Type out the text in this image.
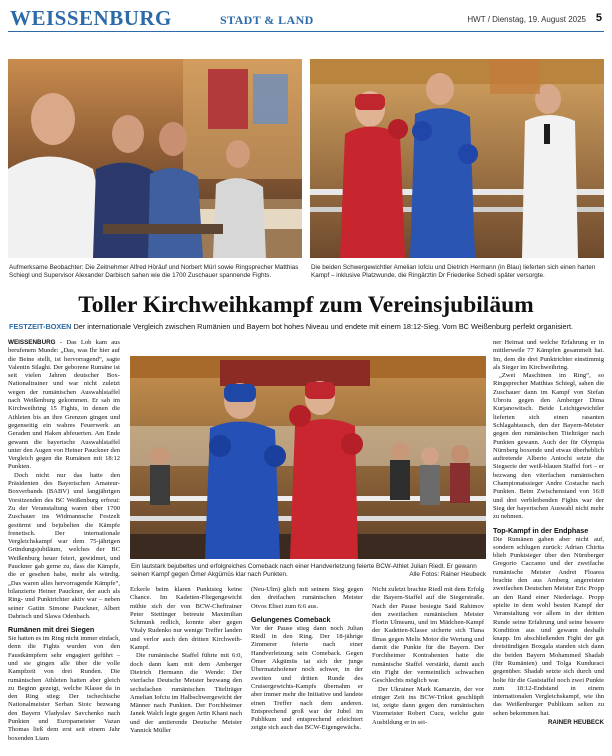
WEISSENBURG	STADT & LAND	HWT / Dienstag, 19. August 2025 5
Aufmerksame Beobachter: Die Zeitnehmer Alfred Höräuf und Norbert Mürl sowie Ringsprecher Matthias Schiegl und Supervisor Alexander Darbisch sahen wie die 1700 Zuschauer spannende Fights.
Die beiden Schwergewichtler Amelian Iofciu und Dietrich Hermann (in Blau) lieferten sich einen harten Kampf – inklusive Platzwunde, die Ringärztin Dr Friederike Schedl später versorgte.
Toller Kirchweihkampf zum Vereinsjubiläum
FESTZEIT-BOXEN Der internationale Vergleich zwischen Rumänien und Bayern bot hohes Niveau und endete mit einem 18:12-Sieg. Vom BC Weißenburg perfekt organisiert.

WEISSENBURG - Das Lob kam aus berufenem Munde: „Das, was Ihr hier auf die Beine stellt, ist hervorragend“, sagte Valentin Silaghi. Der geborene Rumäne ist seit vielen Jahren deutscher Box-Nationaltrainer und war nicht zuletzt wegen der rumänischen Auswahlstaffel nach Weißenburg gekommen. Er sah im Kirchweihring 15 Fights, in denen die Athleten bis an ihre Grenzen gingen und gegenseitig ein wahres Feuerwerk an Geraden und Haken abfeuerten. Am Ende gewann die bayerische Auswahlstaffel unter den Augen von Heiner Pauckner den Vergleich gegen die Rumänen mit 18:12 Punkten.

Doch nicht nur das hatte den Präsidenten des Bayerischen Amateur-Boxverbands (BABV) und langjährigen Vorsitzenden des BC Weißenburg erfreut: Zu der Veranstaltung waren über 1700 Zuschauer ins Widmannsche Festzelt gestürmt und bejubelten die Kämpfe frenetisch. Der internationale Vergleichskampf war dem 75-jährigen Gründungsjubiläum, welches der BC Weißenburg heuer feiert, gewidmet, und Pauckner gab gerne zu, dass die Kämpfe, die er gesehen habe, mehr als würdig. „Das waren alles hervorragende Kämpfe“, bilanzierte Heiner Pauckner, der auch als Ring- und Punktrichter aktiv war – neben seiner Gattin Simone Pauckner, Albert Dabrisch und Slawa Odenbach.

Rumänen mit drei Siegen

Sie hatten es im Ring nicht immer einfach, denn die Fights wurden von den Faustkämpfern sehr engagiert geführt – und sie gingen alle über die volle Kampfzeit von drei Runden. Die rumänischen Athleten hatten aber gleich zu Beginn gezeigt, welche Klasse da in den Ring stieg: Der tschechische Nationalmeister Serban Stoic bezwang den Bayern Vladyslav Savchenko nach Punkten und Europameister Vazan Thomas ließ dem erst seit einem Jahr boxenden Liam

Ein lautstark bejubeltes und erfolgreiches Comeback nach einer Handverletzung feierte BCW-Athlet Julian Riedl. Er gewann seinen Kampf gegen Ömer Akgümüs klar nach Punkten.	Alle Fotos: Rainer Heubeck

Eckerle beim klaren Punktsieg keine Chance. Im Kadetten-Fliegengewicht mühte sich der von BCW-Cheftrainer Peter Stettinger betreute Maximilian Schmunk redlich, konnte aber gegen Vitaly Rudenko nur wenige Treffer landen und verlor auch den dritten Kirchweih-Kampf.

Die rumänische Staffel führte mit 6:0, doch dann kam mit dem Amberger Dietrich Hermann die Wende: Der vierfache Deutsche Meister bezwang den sechsfachen rumänischen Titelträger Amelian Iofciu im Halbschwergewicht der Männer nach Punkten. Der Forchheimer Janek Walch legte gegen Artin Khani nach und der amtierende Deutsche Meister Yannick Müller

(Neu-Ulm) glich mit seinem Sieg gegen den dreifachen rumänischen Meister Otvos Elisei zum 6:6 aus.

Gelungenes Comeback

Vor der Pause stieg dann noch Julian Riedl in den Ring. Der 18-jährige Zimmerer feierte nach einer Handverletzung sein Comeback. Gegen Ömer Akgümüs tat sich der junge Übermatzhofener noch schwer, in der zweiten und dritten Runde des Cruisergewichts-Kampfs übernahm er aber immer mehr die Initiative und landete einen Treffer nach dem anderen. Entsprechend groß war der Jubel im Publikum und entsprechend erleichtert zeigte sich auch das BCW-Eigengewächs.

Nicht zuletzt brachte Riedl mit dem Erfolg die Bayern-Staffel auf die Siegerstraße. Nach der Pause besiegte Said Rahimov den zweifachen rumänischen Meister Florin Ulmeanu, und im Mädchen-Kampf der Kadetten-Klasse sicherte sich Tiana Ilmas gegen Melis Motor die Wertung und damit die Punkte für die Bayern. Der Forchheimer Kontrahenten hatte die rumänische Staffel verstärkt, damit auch ein Fight der vermeintlich schwachen Geschlechts möglich war.

Der Ukrainer Mark Kamarzin, der vor einiger Zeit ins BCW-Trikot geschlüpft ist, zeigte dann gegen den rumänischen Vizemeister Robert Cucu, welche gute Ausbildung er in sei-

ner Heimat und welche Erfahrung er in mittlerweile 77 Kämpfen gesammelt hat. Im, dem die drei Punktrichter einstimmig als Sieger im Kirchweihring.

„Zwei Maschinen im Ring“, so Ringsprecher Matthias Schiegl, sahen die Zuschauer dann im Kampf von Stefan Ubroiu gegen den Amberger Dima Kurjanowitsch. Beide Leichtgewichtler lieferten sich einen rasanten Schlagabtausch, den der Bayern-Meister gegen den rumänischen Titelträger nach Punkten gewann. Auch der für Olympia Nürnberg boxende und etwas überheblich auftretende Alberto Antochi setzte die Siegserie der weiß-blauen Staffel fort – er bezwang den viterfachen rumänischen Championatssieger Andre Costache nach Punkten. Beim Zwischenstand von 16:8 und drei verbleibenden Fights war der Sieg der bayerischen Auswahl nicht mehr zu nehmen.

Top-Kampf in der Endphase

Die Rumänen gaben aber nicht auf, sondern schlugen zurück: Adrian Chirita blieb Punktsieger über den Nürnberger Gregorio Caccamo und der zweifache rumänische Meister Andrei Floarea brachte den aus Amberg angereisten zweifachen Deutschen Meister Eric Propp an den Rand einer Niederlage. Propp spielte in dem wohl besten Kampf der Veranstaltung vor allem in der dritten Runde seine Erfahrung und seine bessere Kondition aus und gewann deshalb knapp. Im abschließenden Fight der gut dreistündigen Boxgala standen sich dann die beiden Bayern Mohammed Shadab (für Rumänien) und Tolga Kunduraci gegenüber. Shadab setzte sich durch und holte für die Gaststaffel noch zwei Punkte zum 18:12-Endstand in einem internationalen Vergleichskampf, wie ihn das Weißenburger Publikum selten zu sehen bekommen hat.

RAINER HEUBECK
